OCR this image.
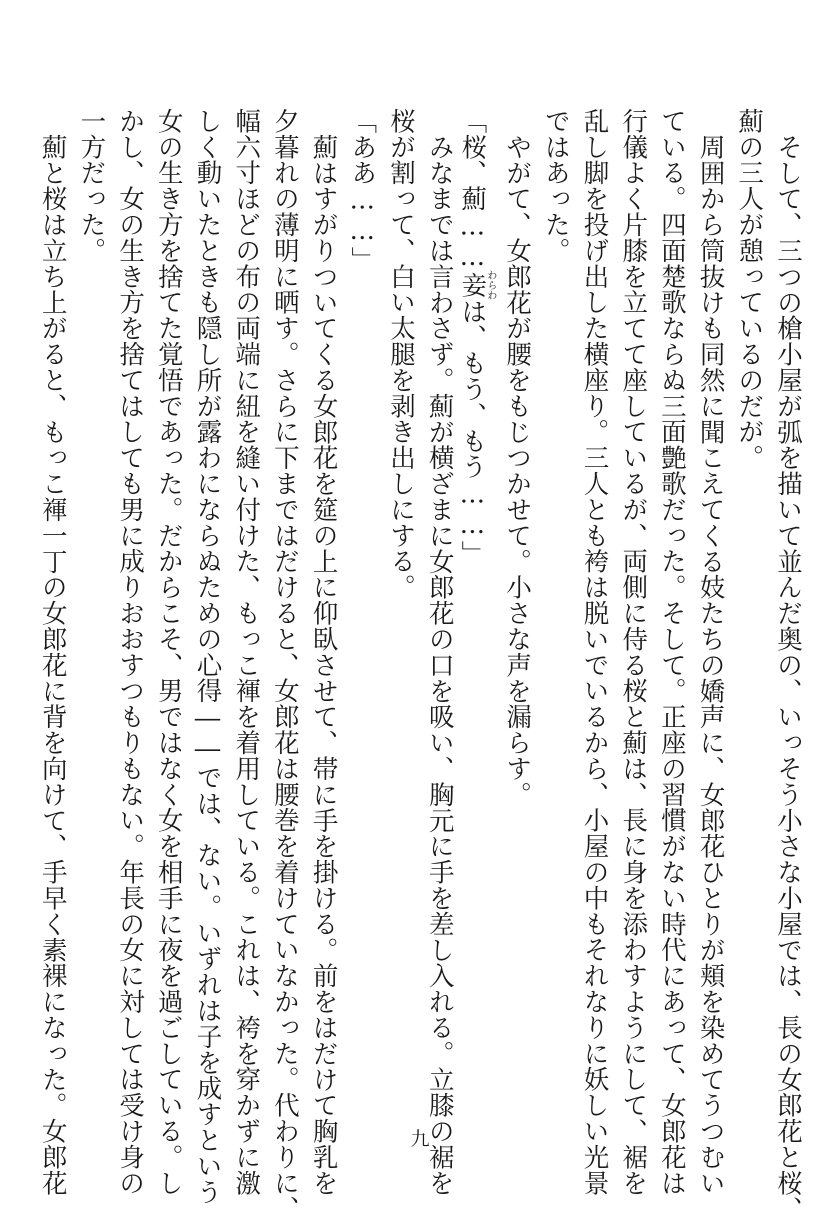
そして、三つの槍小屋が弧を描いて並んだ奥の、いっそう小さな小屋では、長の女郎花と桜、
薊の三人が憩っているのだが。
周囲から筒抜けも同然に聞こえてくる妓たちの嬌声に、女郎花ひとりが頬を染めてうつむい
ている。四面楚歌ならぬ三面艶歌だった。そして。正座の習慣がない時代にあって、女郎花は
行儀よく片膝を立てて座しているが、両側に侍る桜と薊は、長に身を添わすようにして、裾を
乱し脚を投げ出した横座り。三人とも袴は脱いでいるから、小屋の中もそれなりに妖しい光景
ではあった。
やがて、女郎花が腰をもじつかせて。小さな声を漏らす。
「桜、薊……妾わらわは、もう、もう……」
みなまでは言わさず。薊が横ざまに女郎花の口を吸い、胸元に手を差し入れる。立膝の裾を
桜が割って、白い太腿を剥き出しにする。
「ああ……」
薊はすがりついてくる女郎花を筵の上に仰臥させて、帯に手を掛ける。前をはだけて胸乳を
夕暮れの薄明に晒す。さらに下まではだけると、女郎花は腰巻を着けていなかった。代わりに、
幅六寸ほどの布の両端に紐を縫い付けた、もっこ褌を着用している。これは、袴を穿かずに激
しく動いたときも隠し所が露わにならぬための心得――では、ない。いずれは子を成すという
女の生き方を捨てた覚悟であった。だからこそ、男ではなく女を相手に夜を過ごしている。し
かし、女の生き方を捨てはしても男に成りおおすつもりもない。年長の女に対しては受け身の
一方だった。
薊と桜は立ち上がると、もっこ褌一丁の女郎花に背を向けて、手早く素裸になった。女郎花	九
